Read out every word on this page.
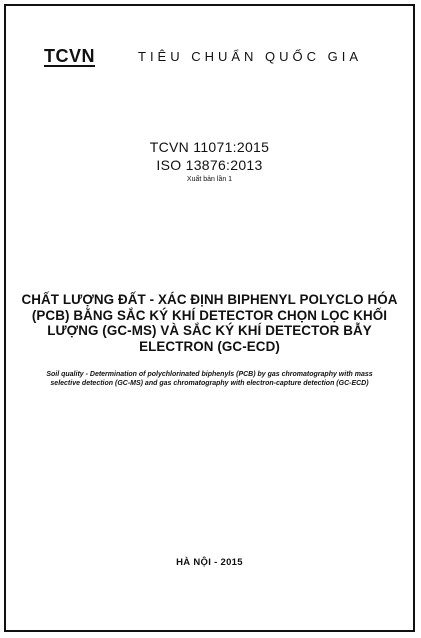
TCVN	TIÊU CHUẨN QUỐC GIA
TCVN 11071:2015
ISO 13876:2013
Xuất bản lần 1
CHẤT LƯỢNG ĐẤT - XÁC ĐỊNH BIPHENYL POLYCLO HÓA (PCB) BẰNG SẮC KÝ KHÍ DETECTOR CHỌN LỌC KHỐI LƯỢNG (GC-MS) VÀ SẮC KÝ KHÍ DETECTOR BẪY ELECTRON (GC-ECD)
Soil quality - Determination of polychlorinated biphenyls (PCB) by gas chromatography with mass selective detection (GC-MS) and gas chromatography with electron-capture detection (GC-ECD)
HÀ NỘI - 2015
